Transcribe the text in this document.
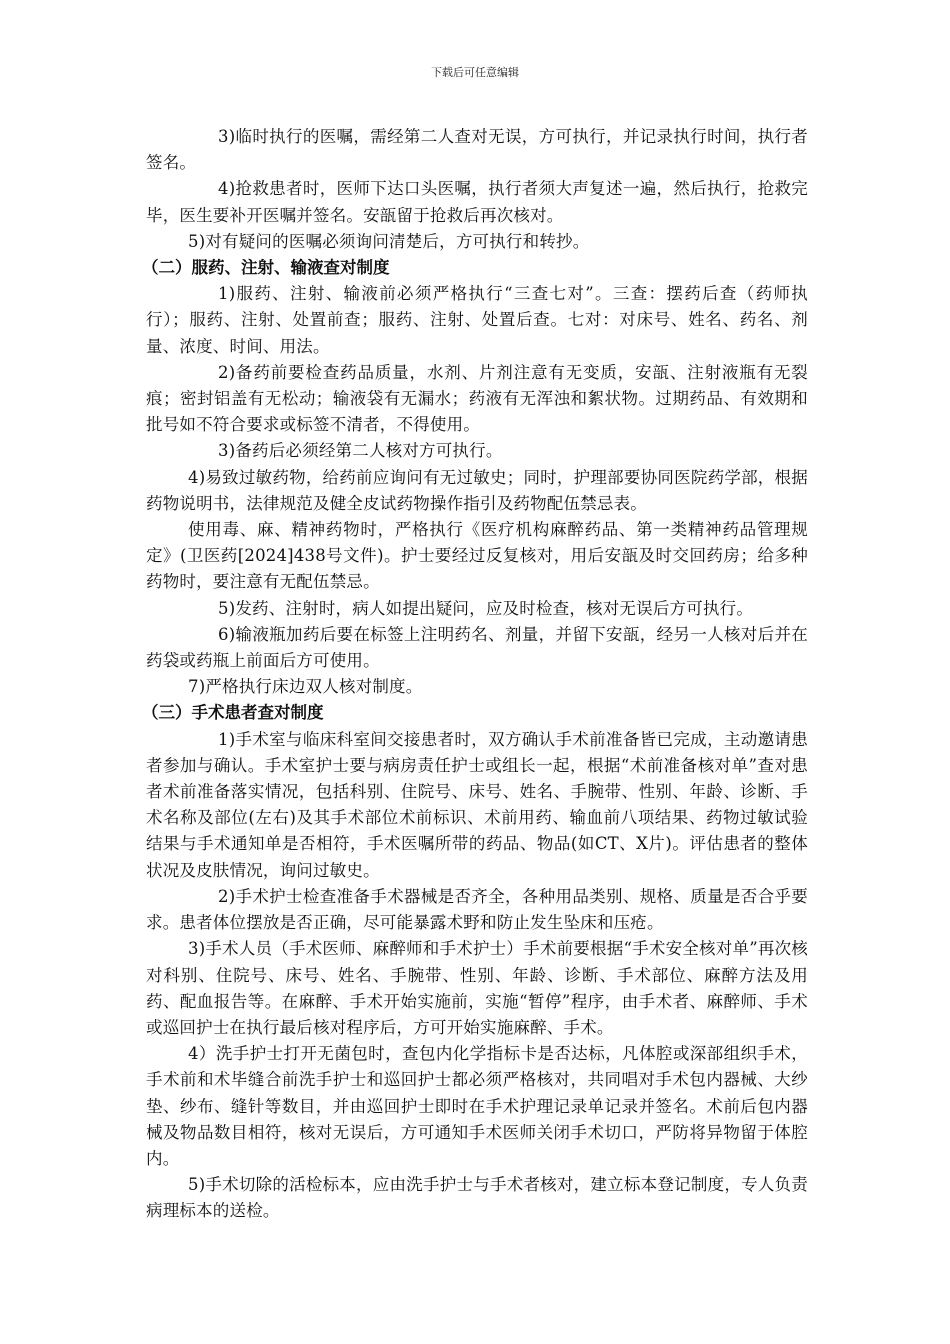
下载后可任意编辑

3)临时执行的医嘱，需经第二人查对无误，方可执行，并记录执行时间，执行者签名。

4)抢救患者时，医师下达口头医嘱，执行者须大声复述一遍，然后执行，抢救完毕，医生要补开医嘱并签名。安瓿留于抢救后再次核对。

5)对有疑问的医嘱必须询问清楚后，方可执行和转抄。

（二）服药、注射、输液查对制度

1)服药、注射、输液前必须严格执行“三查七对”。三查：摆药后查（药师执行）；服药、注射、处置前查；服药、注射、处置后查。七对：对床号、姓名、药名、剂量、浓度、时间、用法。

2)备药前要检查药品质量，水剂、片剂注意有无变质，安瓿、注射液瓶有无裂痕；密封铝盖有无松动；输液袋有无漏水；药液有无浑浊和絮状物。过期药品、有效期和批号如不符合要求或标签不清者，不得使用。

3)备药后必须经第二人核对方可执行。

4)易致过敏药物，给药前应询问有无过敏史；同时，护理部要协同医院药学部，根据药物说明书，法律规范及健全皮试药物操作指引及药物配伍禁忌表。

使用毒、麻、精神药物时，严格执行《医疗机构麻醉药品、第一类精神药品管理规定》(卫医药[2024]438号文件)。护士要经过反复核对，用后安瓿及时交回药房；给多种药物时，要注意有无配伍禁忌。

5)发药、注射时，病人如提出疑问，应及时检查，核对无误后方可执行。

6)输液瓶加药后要在标签上注明药名、剂量，并留下安瓿，经另一人核对后并在药袋或药瓶上前面后方可使用。

7)严格执行床边双人核对制度。

（三）手术患者查对制度

1)手术室与临床科室间交接患者时，双方确认手术前准备皆已完成，主动邀请患者参加与确认。手术室护士要与病房责任护士或组长一起，根据“术前准备核对单”查对患者术前准备落实情况，包括科别、住院号、床号、姓名、手腕带、性别、年龄、诊断、手术名称及部位(左右)及其手术部位术前标识、术前用药、输血前八项结果、药物过敏试验结果与手术通知单是否相符，手术医嘱所带的药品、物品(如CT、X片)。评估患者的整体状况及皮肤情况，询问过敏史。

2)手术护士检查准备手术器械是否齐全，各种用品类别、规格、质量是否合乎要求。患者体位摆放是否正确，尽可能暴露术野和防止发生坠床和压疮。

3)手术人员（手术医师、麻醉师和手术护士）手术前要根据“手术安全核对单”再次核对科别、住院号、床号、姓名、手腕带、性别、年龄、诊断、手术部位、麻醉方法及用药、配血报告等。在麻醉、手术开始实施前，实施“暂停”程序，由手术者、麻醉师、手术或巡回护士在执行最后核对程序后，方可开始实施麻醉、手术。

4）洗手护士打开无菌包时，查包内化学指标卡是否达标，凡体腔或深部组织手术，手术前和术毕缝合前洗手护士和巡回护士都必须严格核对，共同唱对手术包内器械、大纱垫、纱布、缝针等数目，并由巡回护士即时在手术护理记录单记录并签名。术前后包内器械及物品数目相符，核对无误后，方可通知手术医师关闭手术切口，严防将异物留于体腔内。

5)手术切除的活检标本，应由洗手护士与手术者核对，建立标本登记制度，专人负责病理标本的送检。
